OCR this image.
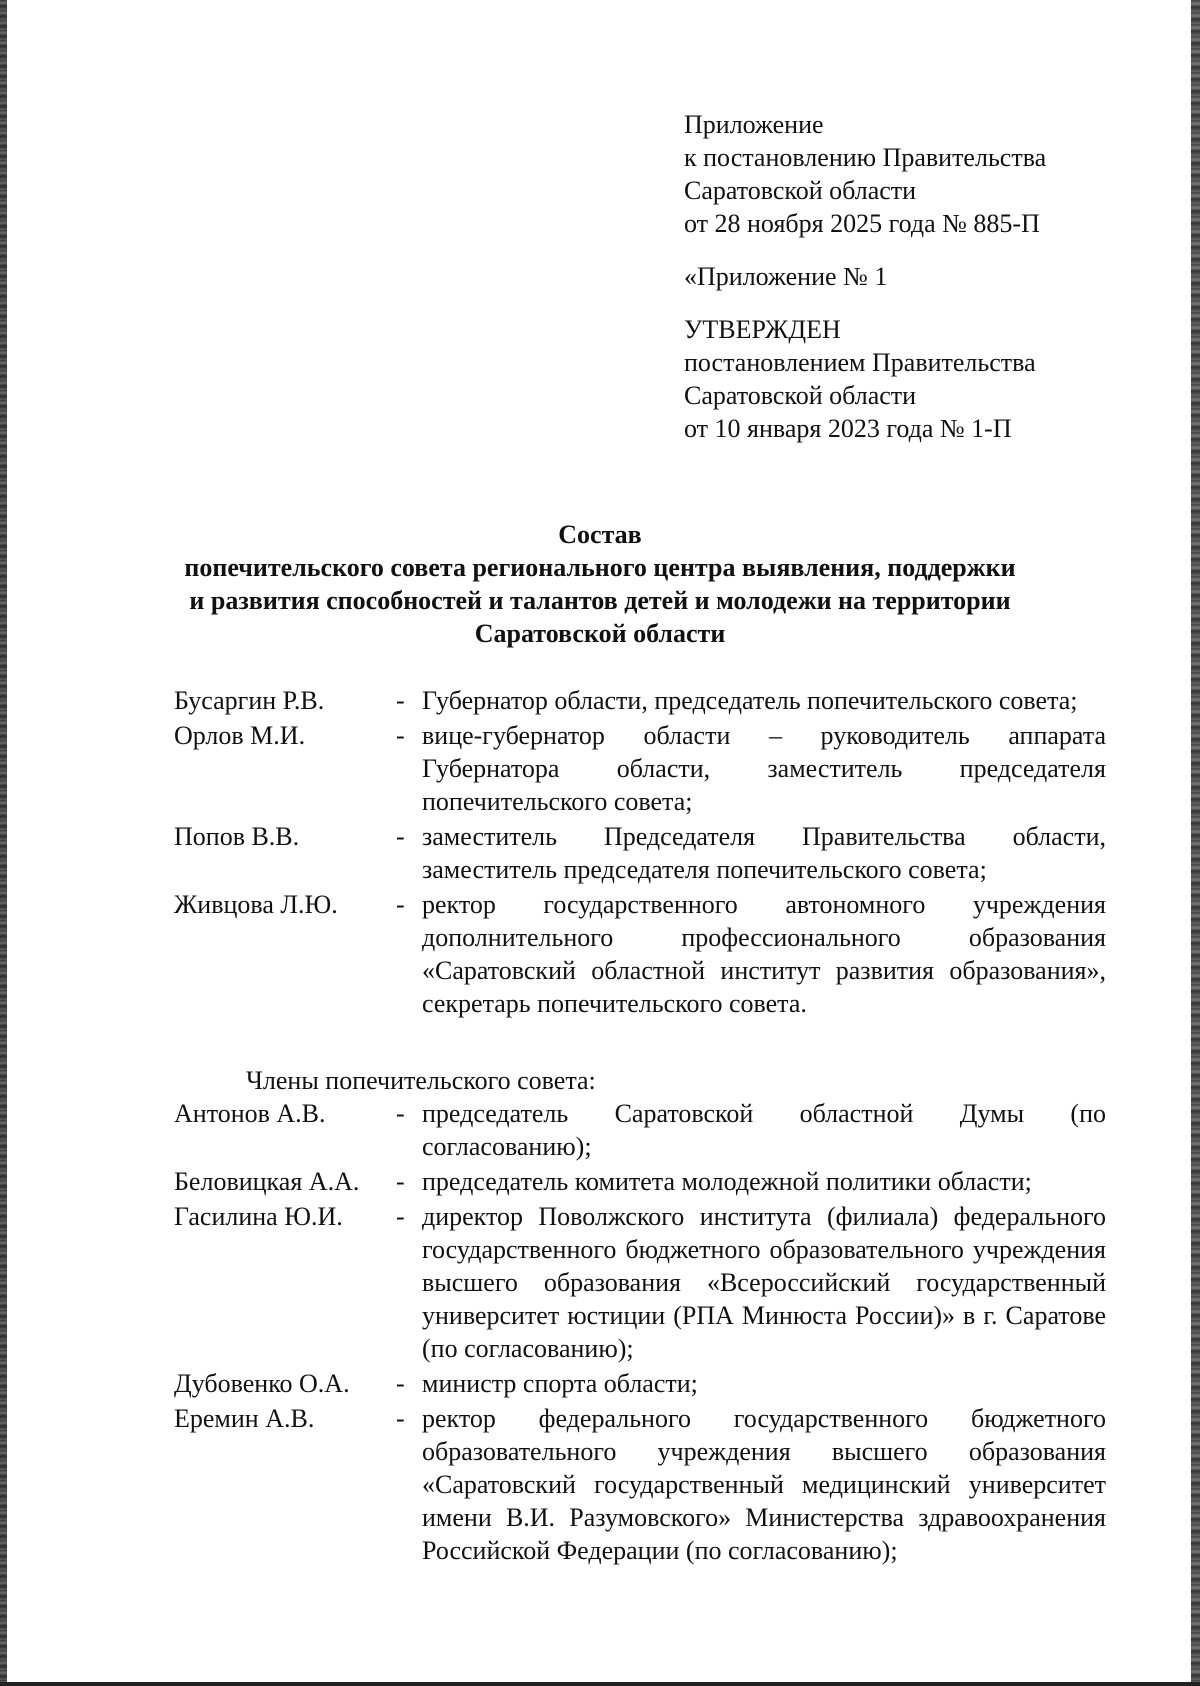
Приложение
к постановлению Правительства
Саратовской области
от 28 ноября 2025 года № 885-П
«Приложение № 1
УТВЕРЖДЕН
постановлением Правительства
Саратовской области
от 10 января 2023 года № 1-П
Состав
попечительского совета регионального центра выявления, поддержки
и развития способностей и талантов детей и молодежи на территории
Саратовской области
Бусаргин Р.В.	- Губернатор области, председатель попечительского совета;
Орлов М.И.	- вице-губернатор области – руководитель аппарата Губернатора области, заместитель председателя попечительского совета;
Попов В.В.	- заместитель Председателя Правительства области, заместитель председателя попечительского совета;
Живцова Л.Ю.	- ректор государственного автономного учреждения дополнительного профессионального образования «Саратовский областной институт развития образования», секретарь попечительского совета.
Члены попечительского совета:
Антонов А.В.	- председатель Саратовской областной Думы (по согласованию);
Беловицкая А.А.	- председатель комитета молодежной политики области;
Гасилина Ю.И.	- директор Поволжского института (филиала) федерального государственного бюджетного образовательного учреждения высшего образования «Всероссийский государственный университет юстиции (РПА Минюста России)» в г. Саратове (по согласованию);
Дубовенко О.А.	- министр спорта области;
Еремин А.В.	- ректор федерального государственного бюджетного образовательного учреждения высшего образования «Саратовский государственный медицинский университет имени В.И. Разумовского» Министерства здравоохранения Российской Федерации (по согласованию);
